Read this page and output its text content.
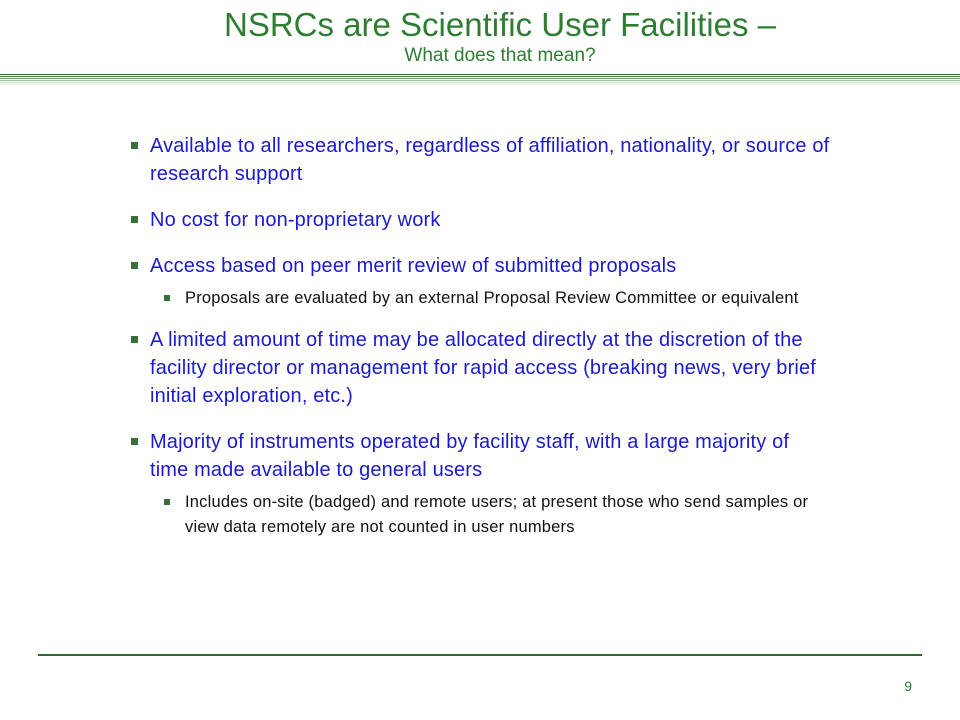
NSRCs are Scientific User Facilities –
What does that mean?
Available to all researchers, regardless of affiliation, nationality, or source of research support
No cost for non-proprietary work
Access based on peer merit review of submitted proposals
Proposals are evaluated by an external Proposal Review Committee or equivalent
A limited amount of time may be allocated directly at the discretion of the facility director or management for rapid access (breaking news, very brief initial exploration, etc.)
Majority of instruments operated by facility staff, with a large majority of time made available to general users
Includes on-site (badged) and remote users; at present those who send samples or view data remotely are not counted in user numbers
9
